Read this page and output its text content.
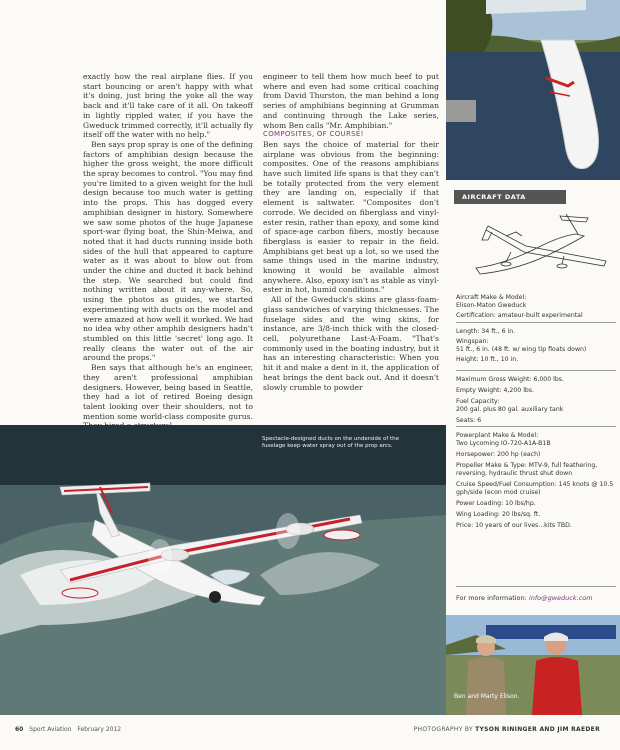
exactly how the real airplane flies. If you start bouncing or aren't happy with what it's doing, just bring the yoke all the way back and it'll take care of it all. On takeoff in lightly rippled water, if you have the Gweduck trimmed correctly, it'll actually fly itself off the water with no help."

Ben says prop spray is one of the defining factors of amphibian design because the higher the gross weight, the more difficult the spray becomes to control. "You may find you're limited to a given weight for the hull design because too much water is getting into the props. This has dogged every amphibian designer in history. Somewhere we saw some photos of the huge Japanese sport-war flying boat, the Shin-Meiwa, and noted that it had ducts running inside both sides of the hull that appeared to capture water as it was about to blow out from under the chine and ducted it back behind the step. We searched but could find nothing written about it any-where. So, using the photos as guides, we started experimenting with ducts on the model and were amazed at how well it worked. We had no idea why other amphib designers hadn't stumbled on this little 'secret' long ago. It really cleans the water out of the air around the props."

Ben says that although he's an engineer, they aren't professional amphibian designers. However, being based in Seattle, they had a lot of retired Boeing design talent looking over their shoulders, not to mention some world-class composite gurus.

engineer to tell them how much beef to put where and even had some critical coaching from David Thurston, the man behind a long series of amphibians beginning at Grumman and continuing through the Lake series, whom Ben calls "Mr. Amphibian."

COMPOSITES, OF COURSE!

Ben says the choice of material for their airplane was obvious from the beginning: composites. One of the reasons amphibians have such limited life spans is that they can't be totally protected from the very element they are landing on, especially if that element is saltwater. "Composites don't corrode. We decided on fiberglass and vinyl-ester resin, rather than epoxy, and some kind of space-age carbon fibers, mostly because fiberglass is easier to repair in the field. Amphibians get beat up a lot, so we used the same things used in the marine industry, knowing it would be available almost anywhere. Also, epoxy isn't as stable as vinyl-ester in hot, humid conditions."

All of the Gweduck's skins are glass-foam-glass sandwiches of varying thicknesses. The fuselage sides and the wing skins, for instance, are 3/8-inch thick with the closed-cell, polyurethane Last-A-Foam. "That's commonly used in the boating industry, but it has an interesting characteristic: When you hit it and make a dent in it, the application of heat brings the dent back out. And it doesn't slowly crumble to powder

AIRCRAFT DATA
Aircraft Make & Model:
Elison-Maton Gweduck
Certification: amateur-built experimental
Length: 34 ft., 6 in.
Wingspan:
51 ft., 6 in. (48 ft. w/ wing tip floats down)
Height: 10 ft., 10 in.
Maximum Gross Weight: 6,000 lbs.
Empty Weight: 4,200 lbs.
Fuel Capacity:
200 gal. plus 80 gal. auxiliary tank
Seats: 6
Powerplant Make & Model:
Two Lycoming IO-720-A1A-B1B
Horsepower: 200 hp (each)
Propeller Make & Type: MTV-9, full feathering, reversing, hydraulic thrust shut down
Cruise Speed/Fuel Consumption: 145 knots @ 10.5 gph/side (econ mod cruise)
Power Loading: 10 lbs/hp.
Wing Loading: 20 lbs/sq. ft.
Price: 10 years of our lives...kits TBD.
For more information: info@gweduck.com
Spectacle-designed ducts on the underside of the fuselage keep water spray out of the prop arcs.
Ben and Marty Elison.
60 Sport Aviation February 2012	PHOTOGRAPHY BY TYSON RININGER AND JIM RAEDER
